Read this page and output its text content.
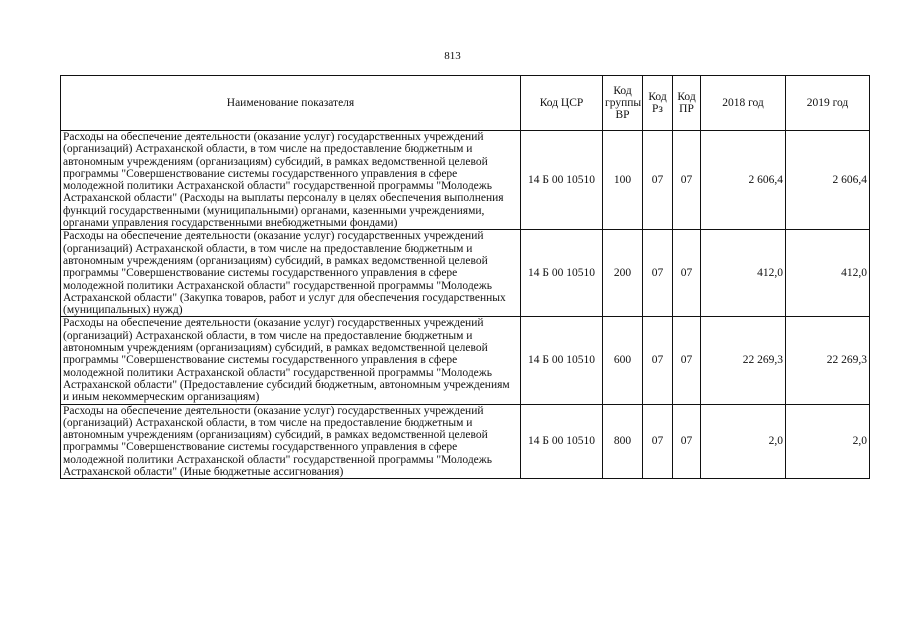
813
Наименование показателя	Код ЦСР	Код группы ВР	Код Рз	Код ПР	2018 год	2019 год
Расходы на обеспечение деятельности (оказание услуг) государственных учреждений (организаций) Астраханской области, в том числе на предоставление бюджетным и автономным учреждениям (организациям) субсидий, в рамках ведомственной целевой программы "Совершенствование системы государственного управления в сфере молодежной политики Астраханской области" государственной программы "Молодежь Астраханской области" (Расходы на выплаты персоналу в целях обеспечения выполнения функций государственными (муниципальными) органами, казенными учреждениями, органами управления государственными внебюджетными фондами)	14 Б 00 10510	100	07	07	2 606,4	2 606,4
Расходы на обеспечение деятельности (оказание услуг) государственных учреждений (организаций) Астраханской области, в том числе на предоставление бюджетным и автономным учреждениям (организациям) субсидий, в рамках ведомственной целевой программы "Совершенствование системы государственного управления в сфере молодежной политики Астраханской области" государственной программы "Молодежь Астраханской области" (Закупка товаров, работ и услуг для обеспечения государственных (муниципальных) нужд)	14 Б 00 10510	200	07	07	412,0	412,0
Расходы на обеспечение деятельности (оказание услуг) государственных учреждений (организаций) Астраханской области, в том числе на предоставление бюджетным и автономным учреждениям (организациям) субсидий, в рамках ведомственной целевой программы "Совершенствование системы государственного управления в сфере молодежной политики Астраханской области" государственной программы "Молодежь Астраханской области" (Предоставление субсидий бюджетным, автономным учреждениям и иным некоммерческим организациям)	14 Б 00 10510	600	07	07	22 269,3	22 269,3
Расходы на обеспечение деятельности (оказание услуг) государственных учреждений (организаций) Астраханской области, в том числе на предоставление бюджетным и автономным учреждениям (организациям) субсидий, в рамках ведомственной целевой программы "Совершенствование системы государственного управления в сфере молодежной политики Астраханской области" государственной программы "Молодежь Астраханской области" (Иные бюджетные ассигнования)	14 Б 00 10510	800	07	07	2,0	2,0
